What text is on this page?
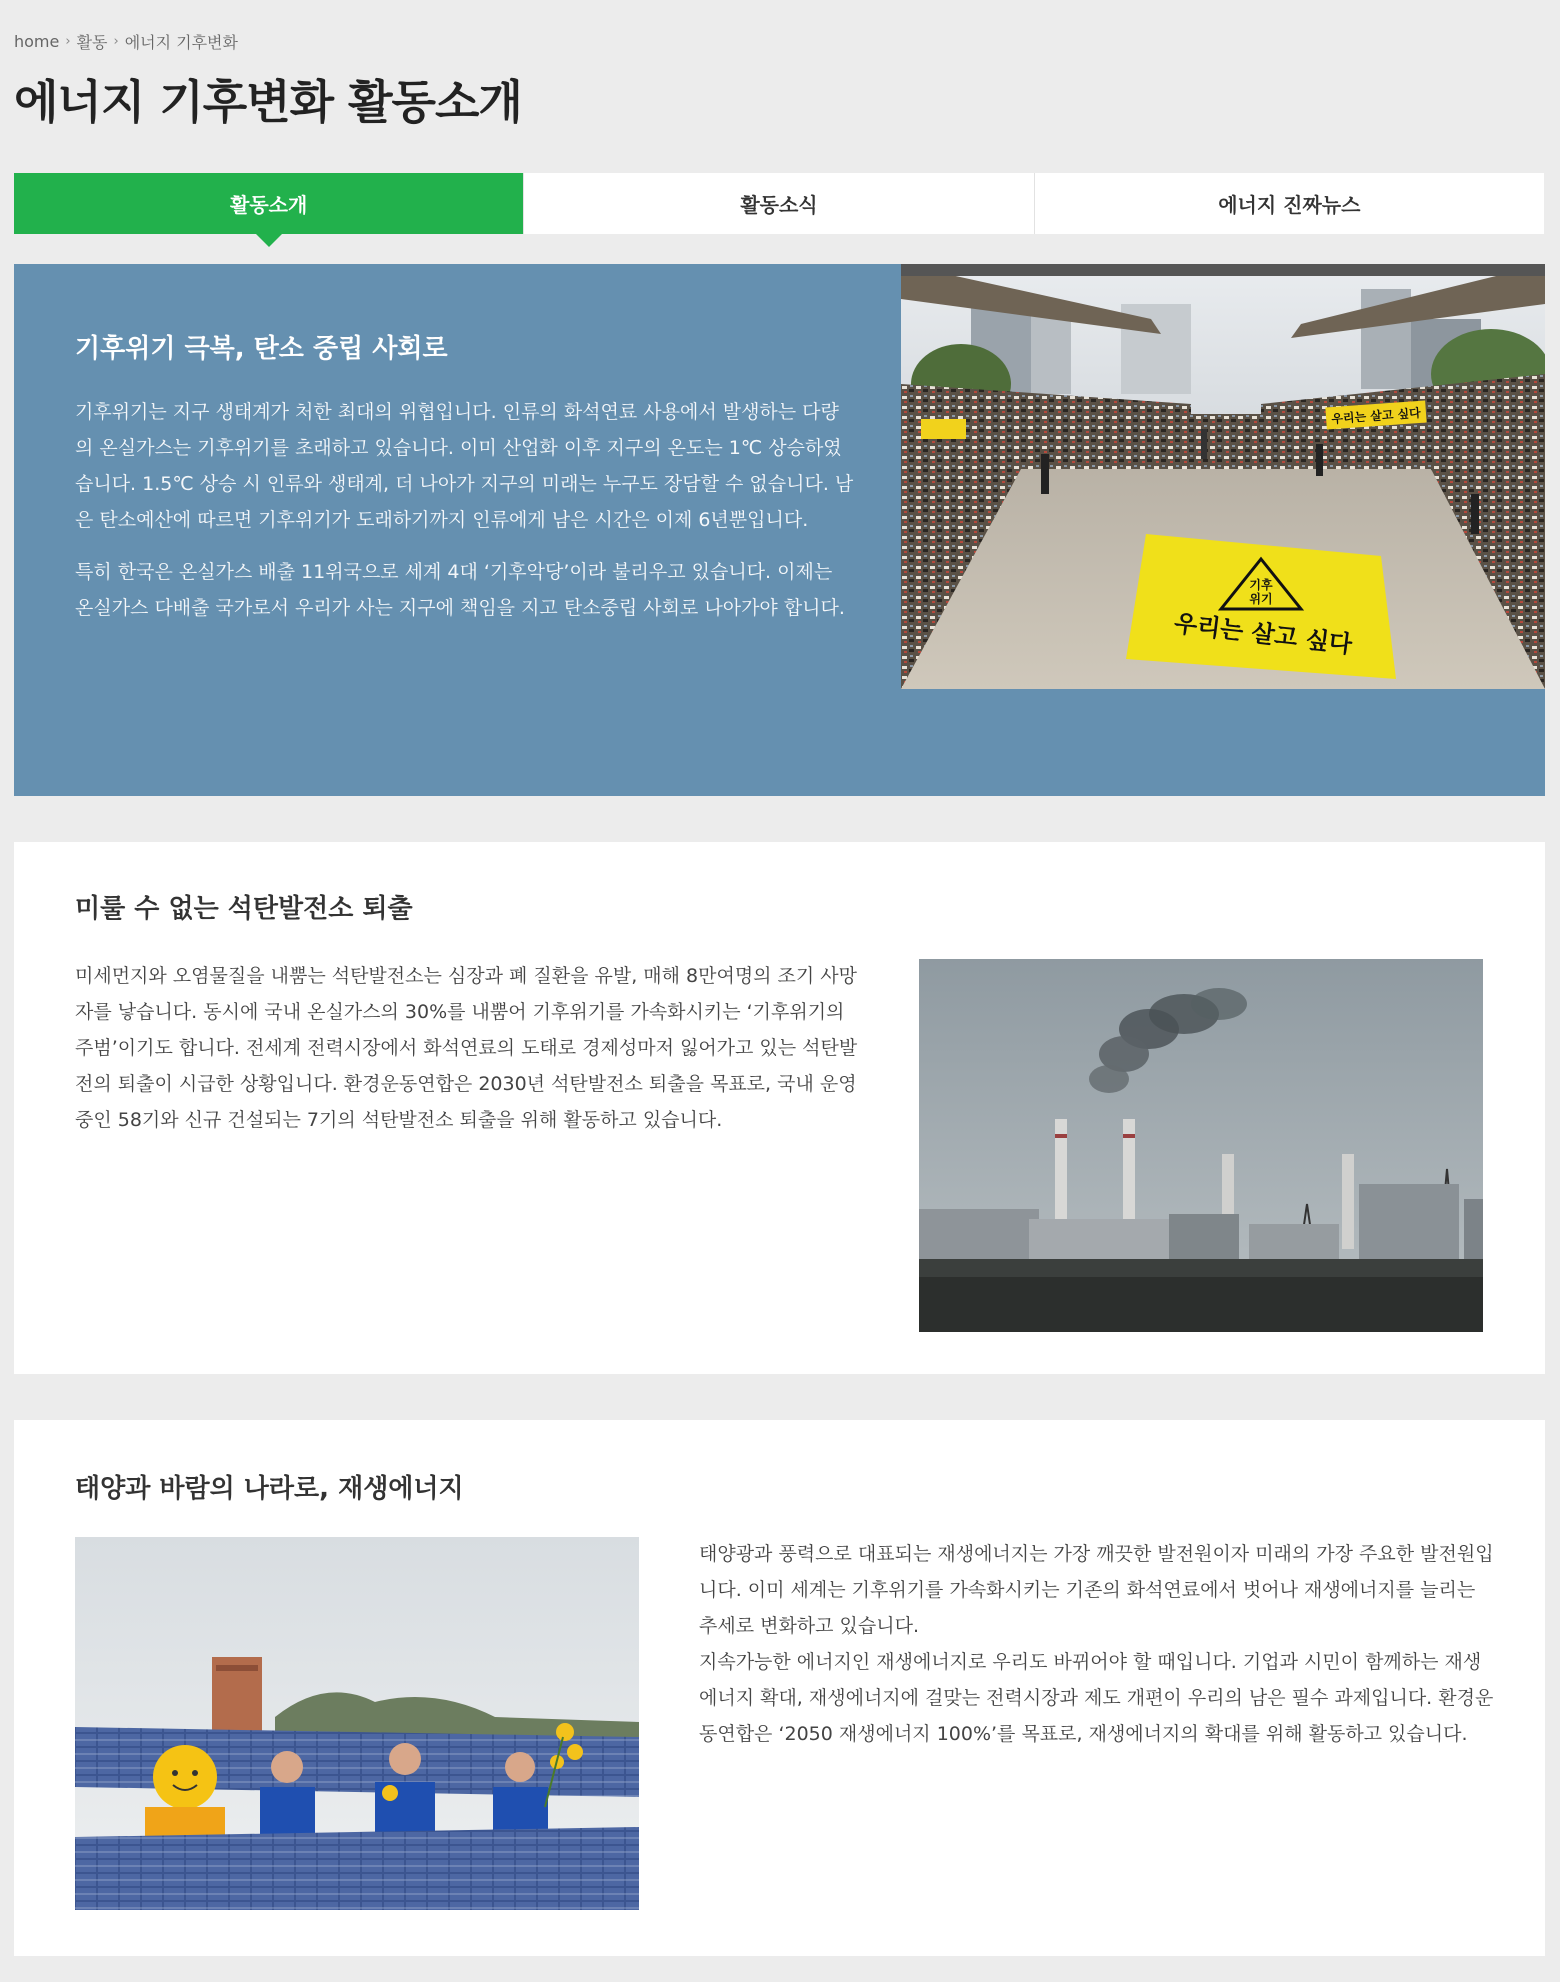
home › 활동 › 에너지 기후변화
에너지 기후변화 활동소개
활동소개	활동소식	에너지 진짜뉴스
기후위기 극복, 탄소 중립 사회로

기후위기는 지구 생태계가 처한 최대의 위협입니다. 인류의 화석연료 사용에서 발생하는 다량의 온실가스는 기후위기를 초래하고 있습니다. 이미 산업화 이후 지구의 온도는 1℃ 상승하였습니다. 1.5℃ 상승 시 인류와 생태계, 더 나아가 지구의 미래는 누구도 장담할 수 없습니다. 남은 탄소예산에 따르면 기후위기가 도래하기까지 인류에게 남은 시간은 이제 6년뿐입니다.

특히 한국은 온실가스 배출 11위국으로 세계 4대 ‘기후악당’이라 불리우고 있습니다. 이제는 온실가스 다배출 국가로서 우리가 사는 지구에 책임을 지고 탄소중립 사회로 나아가야 합니다.

우리는 살고 싶다
기후
위기
우리는 살고 싶다
미룰 수 없는 석탄발전소 퇴출

미세먼지와 오염물질을 내뿜는 석탄발전소는 심장과 폐 질환을 유발, 매해 8만여명의 조기 사망자를 낳습니다. 동시에 국내 온실가스의 30%를 내뿜어 기후위기를 가속화시키는 ‘기후위기의 주범’이기도 합니다. 전세계 전력시장에서 화석연료의 도태로 경제성마저 잃어가고 있는 석탄발전의 퇴출이 시급한 상황입니다. 환경운동연합은 2030년 석탄발전소 퇴출을 목표로, 국내 운영중인 58기와 신규 건설되는 7기의 석탄발전소 퇴출을 위해 활동하고 있습니다.

태양과 바람의 나라로, 재생에너지

태양광과 풍력으로 대표되는 재생에너지는 가장 깨끗한 발전원이자 미래의 가장 주요한 발전원입니다. 이미 세계는 기후위기를 가속화시키는 기존의 화석연료에서 벗어나 재생에너지를 늘리는 추세로 변화하고 있습니다.

지속가능한 에너지인 재생에너지로 우리도 바뀌어야 할 때입니다. 기업과 시민이 함께하는 재생에너지 확대, 재생에너지에 걸맞는 전력시장과 제도 개편이 우리의 남은 필수 과제입니다. 환경운동연합은 ‘2050 재생에너지 100%’를 목표로, 재생에너지의 확대를 위해 활동하고 있습니다.
